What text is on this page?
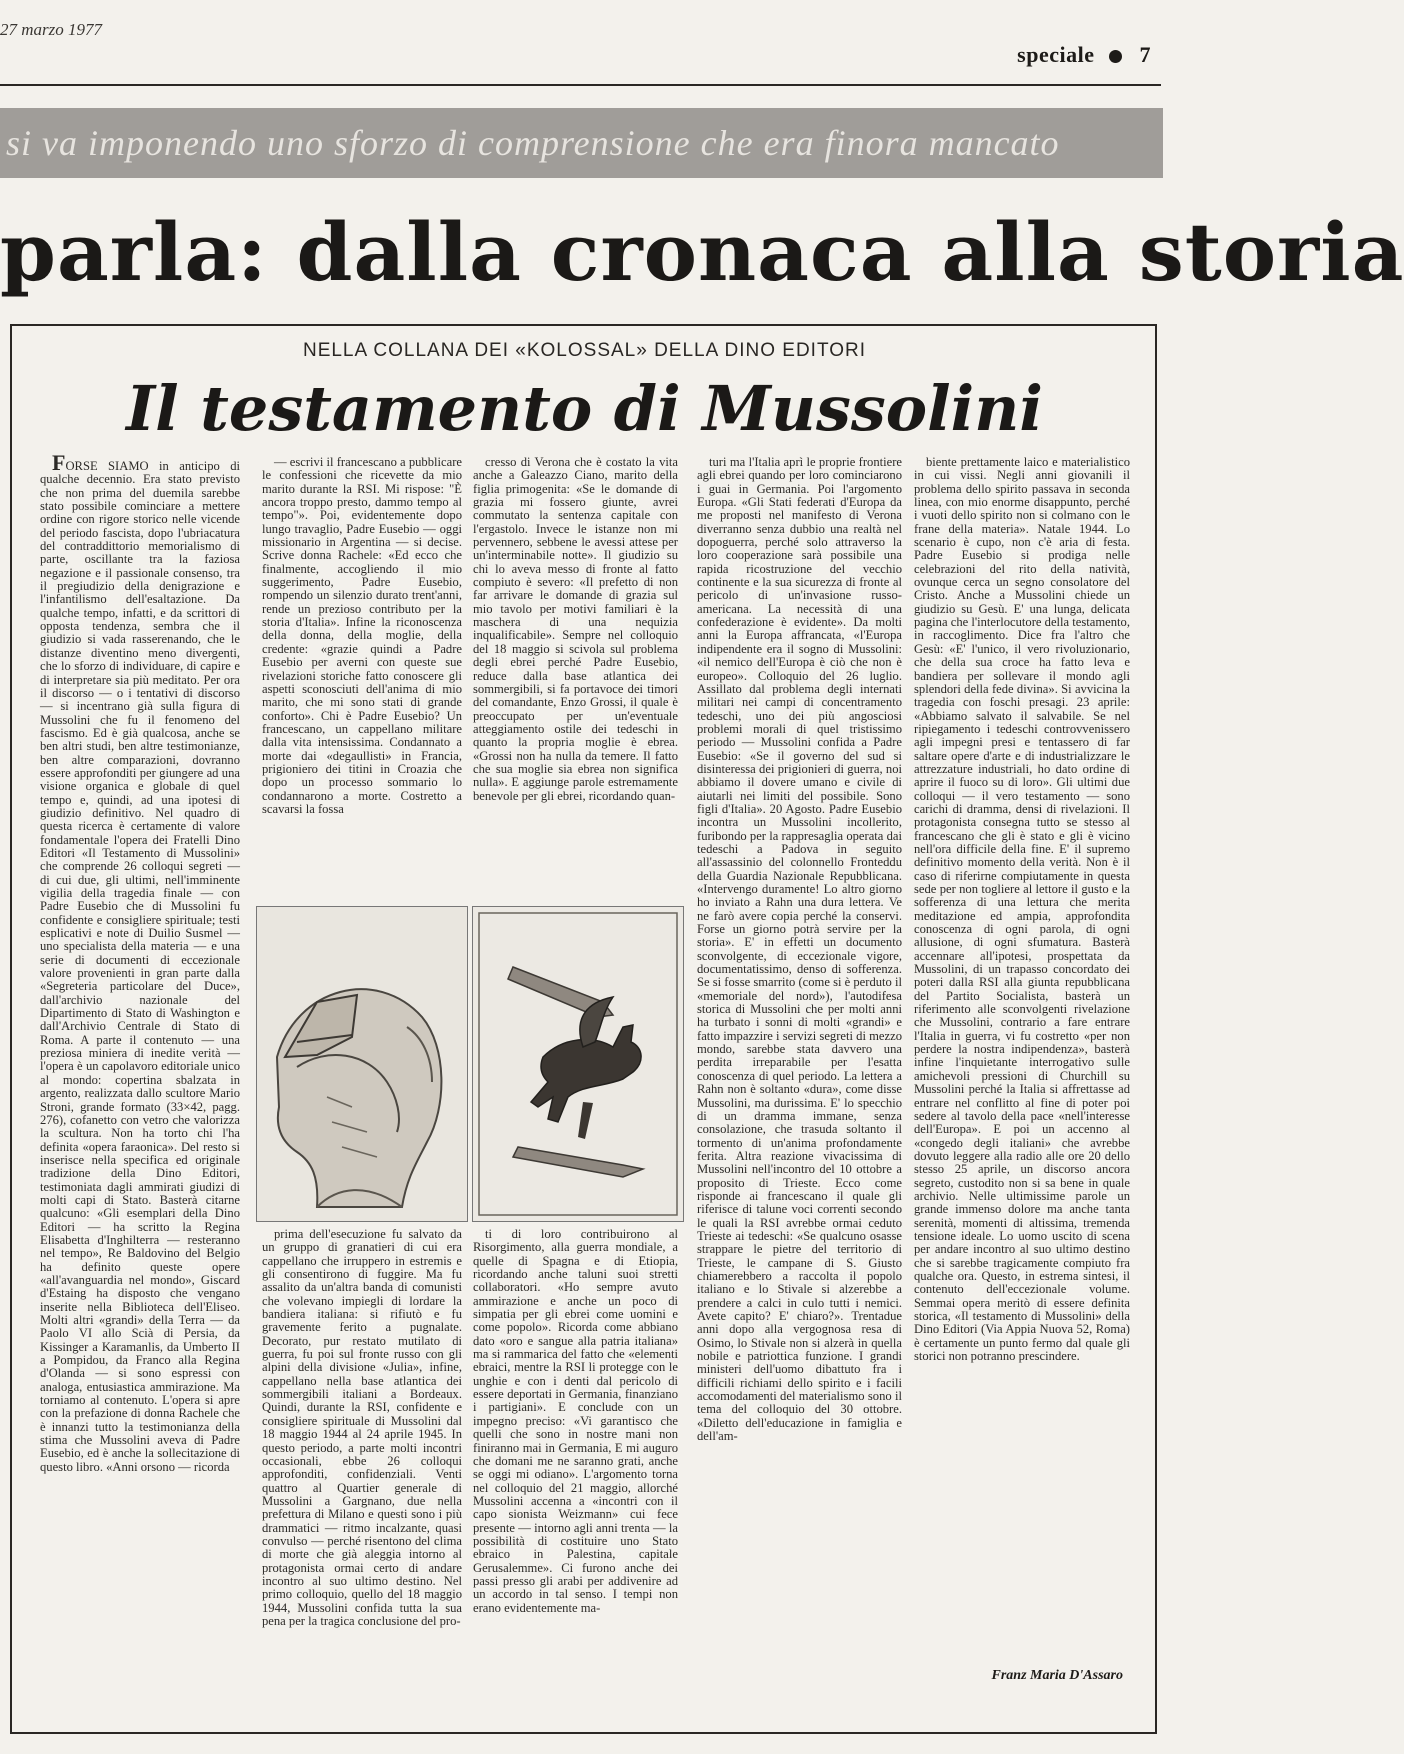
27 marzo 1977
speciale 7
si va imponendo uno sforzo di comprensione che era finora mancato
parla: dalla cronaca alla storia
NELLA COLLANA DEI «KOLOSSAL» DELLA DINO EDITORI
Il testamento di Mussolini

FORSE SIAMO in anticipo di qualche decennio. Era stato previsto che non prima del duemila sarebbe stato possibile cominciare a mettere ordine con rigore storico nelle vicende del periodo fascista, dopo l'ubriacatura del contraddittorio memorialismo di parte, oscillante tra la faziosa negazione e il passionale consenso, tra il pregiudizio della denigrazione e l'infantilismo dell'esaltazione. Da qualche tempo, infatti, e da scrittori di opposta tendenza, sembra che il giudizio si vada rasserenando, che le distanze diventino meno divergenti, che lo sforzo di individuare, di capire e di interpretare sia più meditato. Per ora il discorso — o i tentativi di discorso — si incentrano già sulla figura di Mussolini che fu il fenomeno del fascismo. Ed è già qualcosa, anche se ben altri studi, ben altre testimonianze, ben altre comparazioni, dovranno essere approfonditi per giungere ad una visione organica e globale di quel tempo e, quindi, ad una ipotesi di giudizio definitivo. Nel quadro di questa ricerca è certamente di valore fondamentale l'opera dei Fratelli Dino Editori «Il Testamento di Mussolini» che comprende 26 colloqui segreti — di cui due, gli ultimi, nell'imminente vigilia della tragedia finale — con Padre Eusebio che di Mussolini fu confidente e consigliere spirituale; testi esplicativi e note di Duilio Susmel — uno specialista della materia — e una serie di documenti di eccezionale valore provenienti in gran parte dalla «Segreteria particolare del Duce», dall'archivio nazionale del Dipartimento di Stato di Washington e dall'Archivio Centrale di Stato di Roma. A parte il contenuto — una preziosa miniera di inedite verità — l'opera è un capolavoro editoriale unico al mondo: copertina sbalzata in argento, realizzata dallo scultore Mario Stroni, grande formato (33×42, pagg. 276), cofanetto con vetro che valorizza la scultura. Non ha torto chi l'ha definita «opera faraonica». Del resto si inserisce nella specifica ed originale tradizione della Dino Editori, testimoniata dagli ammirati giudizi di molti capi di Stato. Basterà citarne qualcuno: «Gli esemplari della Dino Editori — ha scritto la Regina Elisabetta d'Inghilterra — resteranno nel tempo», Re Baldovino del Belgio ha definito queste opere «all'avanguardia nel mondo», Giscard d'Estaing ha disposto che vengano inserite nella Biblioteca dell'Eliseo. Molti altri «grandi» della Terra — da Paolo VI allo Scià di Persia, da Kissinger a Karamanlis, da Umberto II a Pompidou, da Franco alla Regina d'Olanda — si sono espressi con analoga, entusiastica ammirazione. Ma torniamo al contenuto. L'opera si apre con la prefazione di donna Rachele che è innanzi tutto la testimonianza della stima che Mussolini aveva di Padre Eusebio, ed è anche la sollecitazione di questo libro. «Anni orsono — ricorda

— escrivi il francescano a pubblicare le confessioni che ricevette da mio marito durante la RSI. Mi rispose: "È ancora troppo presto, dammo tempo al tempo"». Poi, evidentemente dopo lungo travaglio, Padre Eusebio — oggi missionario in Argentina — si decise. Scrive donna Rachele: «Ed ecco che finalmente, accogliendo il mio suggerimento, Padre Eusebio, rompendo un silenzio durato trent'anni, rende un prezioso contributo per la storia d'Italia». Infine la riconoscenza della donna, della moglie, della credente: «grazie quindi a Padre Eusebio per averni con queste sue rivelazioni storiche fatto conoscere gli aspetti sconosciuti dell'anima di mio marito, che mi sono stati di grande conforto». Chi è Padre Eusebio? Un francescano, un cappellano militare dalla vita intensissima. Condannato a morte dai «degaullisti» in Francia, prigioniero dei titini in Croazia che dopo un processo sommario lo condannarono a morte. Costretto a scavarsi la fossa

cresso di Verona che è costato la vita anche a Galeazzo Ciano, marito della figlia primogenita: «Se le domande di grazia mi fossero giunte, avrei commutato la sentenza capitale con l'ergastolo. Invece le istanze non mi pervennero, sebbene le avessi attese per un'interminabile notte». Il giudizio su chi lo aveva messo di fronte al fatto compiuto è severo: «Il prefetto di non far arrivare le domande di grazia sul mio tavolo per motivi familiari è la maschera di una nequizia inqualificabile». Sempre nel colloquio del 18 maggio si scivola sul problema degli ebrei perché Padre Eusebio, reduce dalla base atlantica dei sommergibili, si fa portavoce dei timori del comandante, Enzo Grossi, il quale è preoccupato per un'eventuale atteggiamento ostile dei tedeschi in quanto la propria moglie è ebrea. «Grossi non ha nulla da temere. Il fatto che sua moglie sia ebrea non significa nulla». E aggiunge parole estremamente benevole per gli ebrei, ricordando quan-

turi ma l'Italia aprì le proprie frontiere agli ebrei quando per loro cominciarono i guai in Germania. Poi l'argomento Europa. «Gli Stati federati d'Europa da me proposti nel manifesto di Verona diverranno senza dubbio una realtà nel dopoguerra, perché solo attraverso la loro cooperazione sarà possibile una rapida ricostruzione del vecchio continente e la sua sicurezza di fronte al pericolo di un'invasione russo-americana. La necessità di una confederazione è evidente». Da molti anni la Europa affrancata, «l'Europa indipendente era il sogno di Mussolini: «il nemico dell'Europa è ciò che non è europeo». Colloquio del 26 luglio. Assillato dal problema degli internati militari nei campi di concentramento tedeschi, uno dei più angosciosi problemi morali di quel tristissimo periodo — Mussolini confida a Padre Eusebio: «Se il governo del sud si disinteressa dei prigionieri di guerra, noi abbiamo il dovere umano e civile di aiutarli nei limiti del possibile. Sono figli d'Italia». 20 Agosto. Padre Eusebio incontra un Mussolini incollerito, furibondo per la rappresaglia operata dai tedeschi a Padova in seguito all'assassinio del colonnello Fronteddu della Guardia Nazionale Repubblicana. «Intervengo duramente! Lo altro giorno ho inviato a Rahn una dura lettera. Ve ne farò avere copia perché la conservi. Forse un giorno potrà servire per la storia». E' in effetti un documento sconvolgente, di eccezionale vigore, documentatissimo, denso di sofferenza. Se si fosse smarrito (come si è perduto il «memoriale del nord»), l'autodifesa storica di Mussolini che per molti anni ha turbato i sonni di molti «grandi» e fatto impazzire i servizi segreti di mezzo mondo, sarebbe stata davvero una perdita irreparabile per l'esatta conoscenza di quel periodo. La lettera a Rahn non è soltanto «dura», come disse Mussolini, ma durissima. E' lo specchio di un dramma immane, senza consolazione, che trasuda soltanto il tormento di un'anima profondamente ferita. Altra reazione vivacissima di Mussolini nell'incontro del 10 ottobre a proposito di Trieste. Ecco come risponde ai francescano il quale gli riferisce di talune voci correnti secondo le quali la RSI avrebbe ormai ceduto Trieste ai tedeschi: «Se qualcuno osasse strappare le pietre del territorio di Trieste, le campane di S. Giusto chiamerebbero a raccolta il popolo italiano e lo Stivale si alzerebbe a prendere a calci in culo tutti i nemici. Avete capito? E' chiaro?». Trentadue anni dopo alla vergognosa resa di Osimo, lo Stivale non si alzerà in quella nobile e patriottica funzione. I grandi ministeri dell'uomo dibattuto fra i difficili richiami dello spirito e i facili accomodamenti del materialismo sono il tema del colloquio del 30 ottobre. «Diletto dell'educazione in famiglia e dell'am-

biente prettamente laico e materialistico in cui vissi. Negli anni giovanili il problema dello spirito passava in seconda linea, con mio enorme disappunto, perché i vuoti dello spirito non si colmano con le frane della materia». Natale 1944. Lo scenario è cupo, non c'è aria di festa. Padre Eusebio si prodiga nelle celebrazioni del rito della natività, ovunque cerca un segno consolatore del Cristo. Anche a Mussolini chiede un giudizio su Gesù. E' una lunga, delicata pagina che l'interlocutore della testamento, in raccoglimento. Dice fra l'altro che Gesù: «E' l'unico, il vero rivoluzionario, che della sua croce ha fatto leva e bandiera per sollevare il mondo agli splendori della fede divina». Si avvicina la tragedia con foschi presagi. 23 aprile: «Abbiamo salvato il salvabile. Se nel ripiegamento i tedeschi controvvenissero agli impegni presi e tentassero di far saltare opere d'arte e di industrializzare le attrezzature industriali, ho dato ordine di aprire il fuoco su di loro». Gli ultimi due colloqui — il vero testamento — sono carichi di dramma, densi di rivelazioni. Il protagonista consegna tutto se stesso al francescano che gli è stato e gli è vicino nell'ora difficile della fine. E' il supremo definitivo momento della verità. Non è il caso di riferirne compiutamente in questa sede per non togliere al lettore il gusto e la sofferenza di una lettura che merita meditazione ed ampia, approfondita conoscenza di ogni parola, di ogni allusione, di ogni sfumatura. Basterà accennare all'ipotesi, prospettata da Mussolini, di un trapasso concordato dei poteri dalla RSI alla giunta repubblicana del Partito Socialista, basterà un riferimento alle sconvolgenti rivelazione che Mussolini, contrario a fare entrare l'Italia in guerra, vi fu costretto «per non perdere la nostra indipendenza», basterà infine l'inquietante interrogativo sulle amichevoli pressioni di Churchill su Mussolini perché la Italia si affrettasse ad entrare nel conflitto al fine di poter poi sedere al tavolo della pace «nell'interesse dell'Europa». E poi un accenno al «congedo degli italiani» che avrebbe dovuto leggere alla radio alle ore 20 dello stesso 25 aprile, un discorso ancora segreto, custodito non si sa bene in quale archivio. Nelle ultimissime parole un grande immenso dolore ma anche tanta serenità, momenti di altissima, tremenda tensione ideale. Lo uomo uscito di scena per andare incontro al suo ultimo destino che si sarebbe tragicamente compiuto fra qualche ora. Questo, in estrema sintesi, il contenuto dell'eccezionale volume. Semmai opera meritò di essere definita storica, «Il testamento di Mussolini» della Dino Editori (Via Appia Nuova 52, Roma) è certamente un punto fermo dal quale gli storici non potranno prescindere.

prima dell'esecuzione fu salvato da un gruppo di granatieri di cui era cappellano che irruppero in estremis e gli consentirono di fuggire. Ma fu assalito da un'altra banda di comunisti che volevano impiegli di lordare la bandiera italiana: si rifiutò e fu gravemente ferito a pugnalate. Decorato, pur restato mutilato di guerra, fu poi sul fronte russo con gli alpini della divisione «Julia», infine, cappellano nella base atlantica dei sommergibili italiani a Bordeaux. Quindi, durante la RSI, confidente e consigliere spirituale di Mussolini dal 18 maggio 1944 al 24 aprile 1945. In questo periodo, a parte molti incontri occasionali, ebbe 26 colloqui approfonditi, confidenziali. Venti quattro al Quartier generale di Mussolini a Gargnano, due nella prefettura di Milano e questi sono i più drammatici — ritmo incalzante, quasi convulso — perché risentono del clima di morte che già aleggia intorno al protagonista ormai certo di andare incontro al suo ultimo destino. Nel primo colloquio, quello del 18 maggio 1944, Mussolini confida tutta la sua pena per la tragica conclusione del pro-

ti di loro contribuirono al Risorgimento, alla guerra mondiale, a quelle di Spagna e di Etiopia, ricordando anche taluni suoi stretti collaboratori. «Ho sempre avuto ammirazione e anche un poco di simpatia per gli ebrei come uomini e come popolo». Ricorda come abbiano dato «oro e sangue alla patria italiana» ma si rammarica del fatto che «elementi ebraici, mentre la RSI li protegge con le unghie e con i denti dal pericolo di essere deportati in Germania, finanziano i partigiani». E conclude con un impegno preciso: «Vi garantisco che quelli che sono in nostre mani non finiranno mai in Germania, E mi auguro che domani me ne saranno grati, anche se oggi mi odiano». L'argomento torna nel colloquio del 21 maggio, allorché Mussolini accenna a «incontri con il capo sionista Weizmann» cui fece presente — intorno agli anni trenta — la possibilità di costituire uno Stato ebraico in Palestina, capitale Gerusalemme». Ci furono anche dei passi presso gli arabi per addivenire ad un accordo in tal senso. I tempi non erano evidentemente ma-

Franz Maria D'Assaro
